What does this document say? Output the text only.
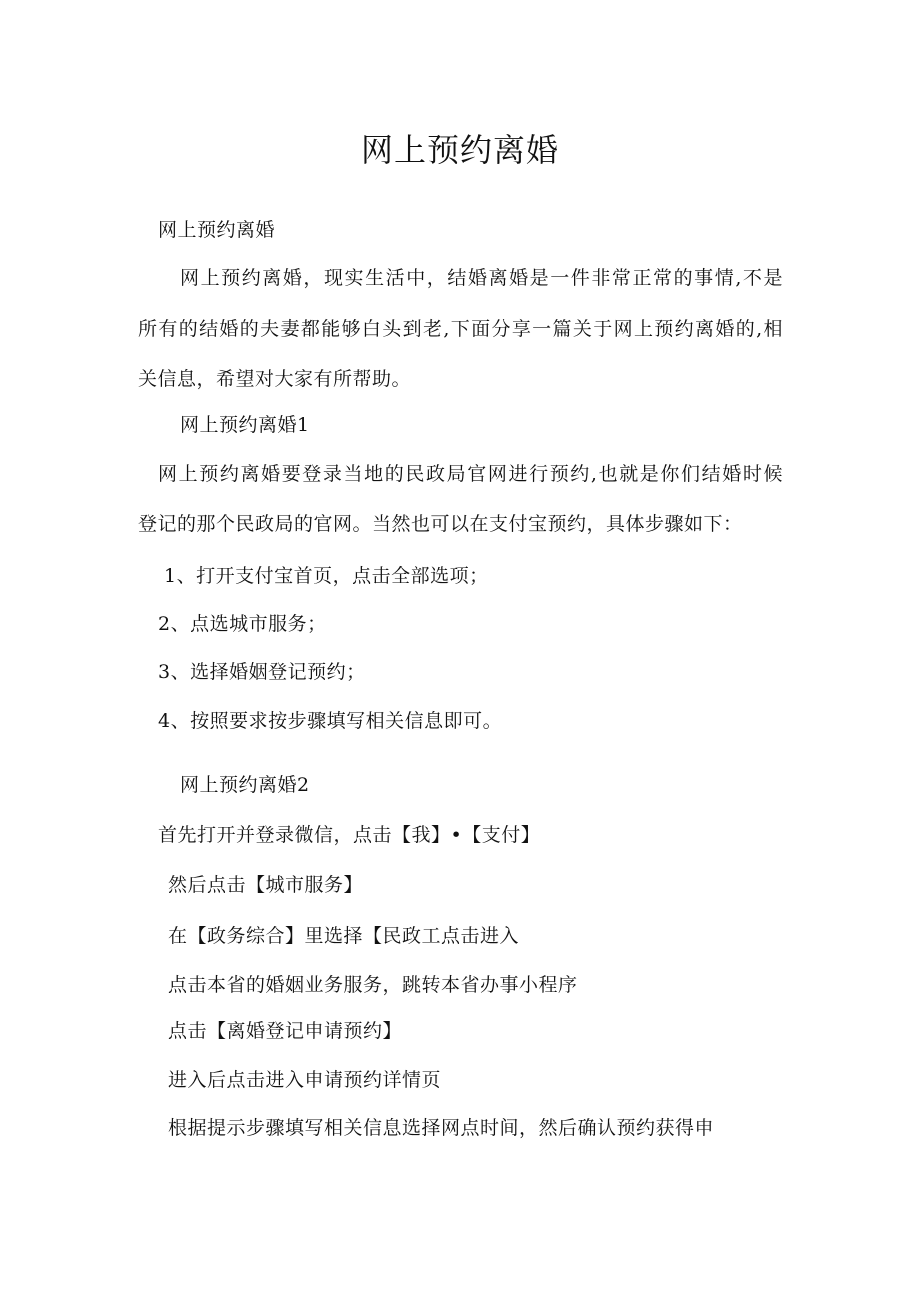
网上预约离婚
网上预约离婚
网上预约离婚，现实生活中，结婚离婚是一件非常正常的事情,不是
所有的结婚的夫妻都能够白头到老,下面分享一篇关于网上预约离婚的,相
关信息，希望对大家有所帮助。
网上预约离婚1
网上预约离婚要登录当地的民政局官网进行预约,也就是你们结婚时候
登记的那个民政局的官网。当然也可以在支付宝预约，具体步骤如下：
1、打开支付宝首页，点击全部选项；
2、点选城市服务；
3、选择婚姻登记预约；
4、按照要求按步骤填写相关信息即可。
网上预约离婚2
首先打开并登录微信，点击【我】•【支付】
然后点击【城市服务】
在【政务综合】里选择【民政工点击进入
点击本省的婚姻业务服务，跳转本省办事小程序
点击【离婚登记申请预约】
进入后点击进入申请预约详情页
根据提示步骤填写相关信息选择网点时间，然后确认预约获得申
